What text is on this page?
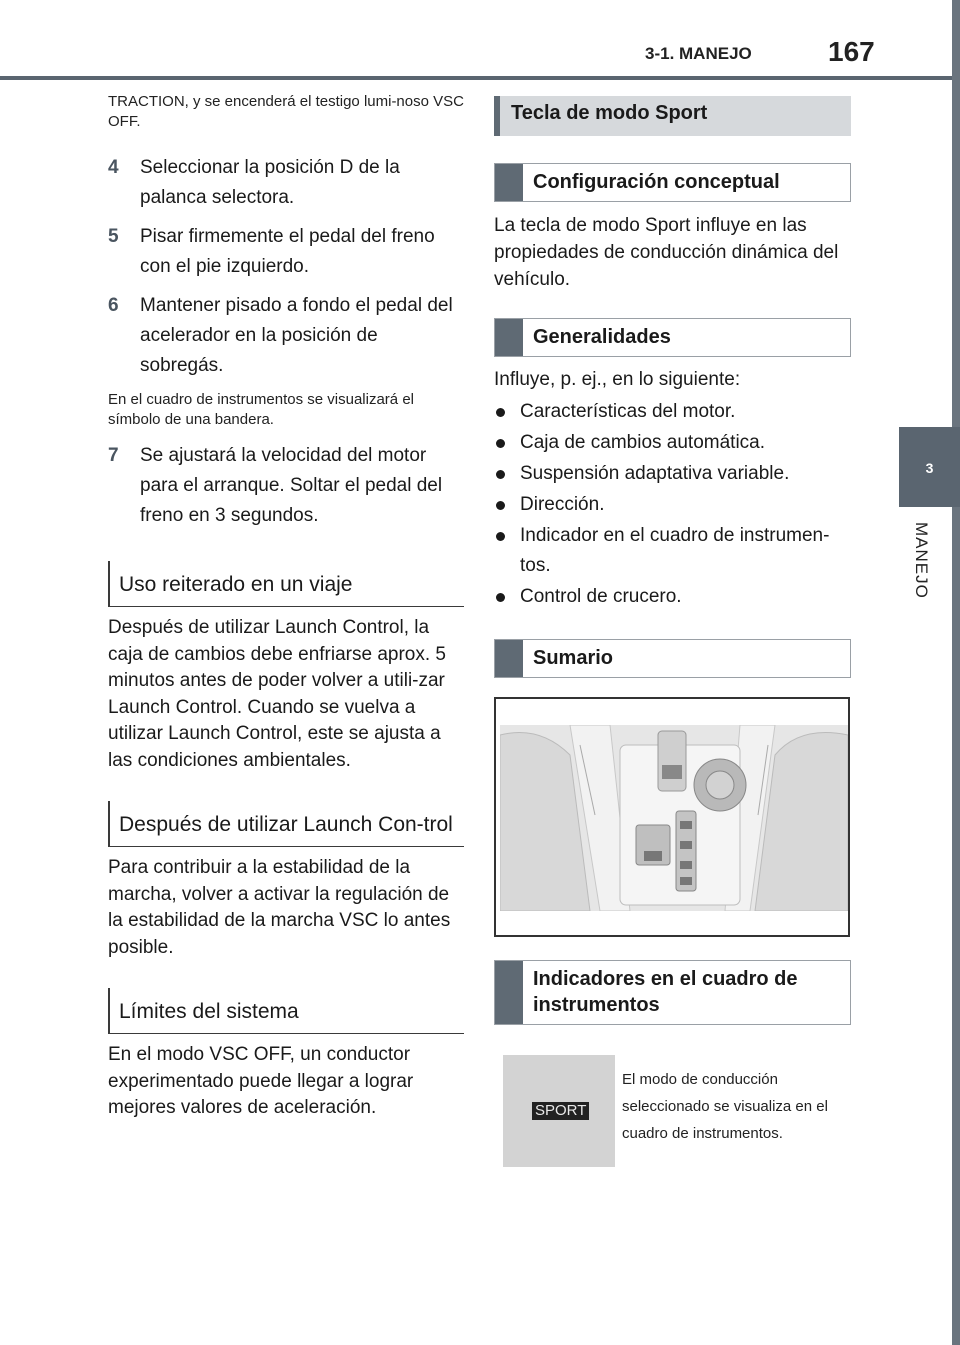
3-1. MANEJO	167
3
MANEJO

TRACTION, y se encenderá el testigo lumi-noso VSC OFF.

4	Seleccionar la posición D de la palanca selectora.
5	Pisar firmemente el pedal del freno con el pie izquierdo.
6	Mantener pisado a fondo el pedal del acelerador en la posición de sobregás.

En el cuadro de instrumentos se visualizará el símbolo de una bandera.

7	Se ajustará la velocidad del motor para el arranque. Soltar el pedal del freno en 3 segundos.
Uso reiterado en un viaje

Después de utilizar Launch Control, la caja de cambios debe enfriarse aprox. 5 minutos antes de poder volver a utili-zar Launch Control. Cuando se vuelva a utilizar Launch Control, este se ajusta a las condiciones ambientales.

Después de utilizar Launch Con-trol

Para contribuir a la estabilidad de la marcha, volver a activar la regulación de la estabilidad de la marcha VSC lo antes posible.

Límites del sistema

En el modo VSC OFF, un conductor experimentado puede llegar a lograr mejores valores de aceleración.

Tecla de modo Sport
Configuración conceptual

La tecla de modo Sport influye en las propiedades de conducción dinámica del vehículo.

Generalidades

Influye, p. ej., en lo siguiente:

Características del motor.
Caja de cambios automática.
Suspensión adaptativa variable.
Dirección.
Indicador en el cuadro de instrumen-tos.
Control de crucero.
Sumario
Indicadores en el cuadro de instrumentos
SPORT
El modo de conducción seleccionado se visualiza en el cuadro de instrumentos.
